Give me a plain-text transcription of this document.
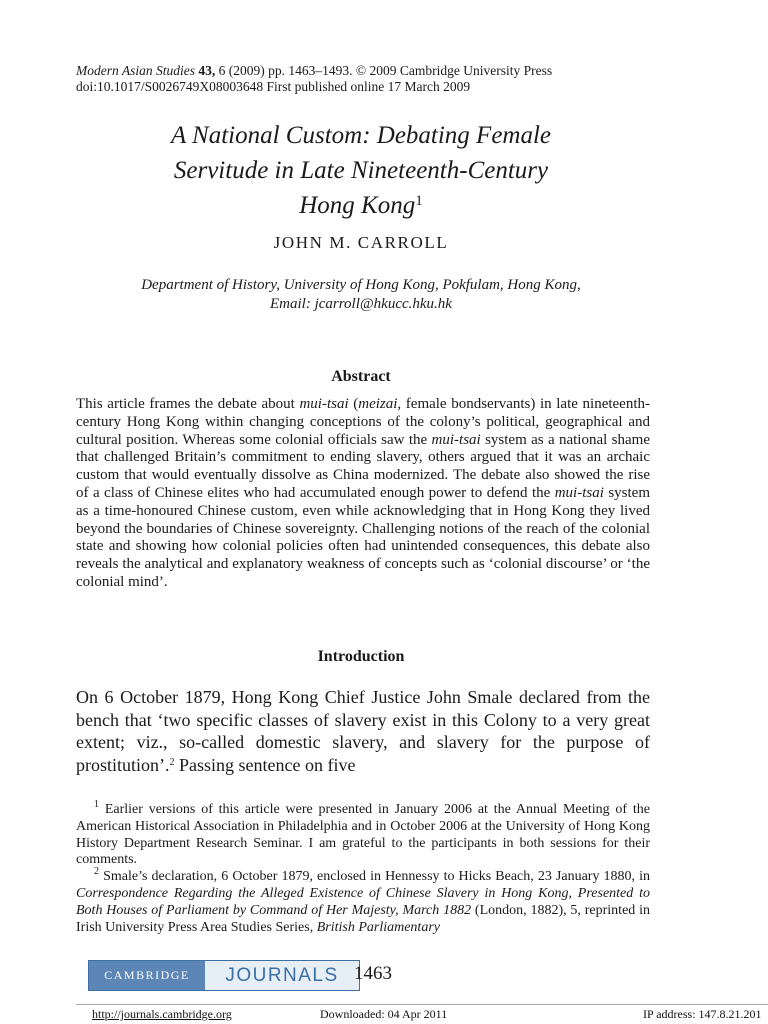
Modern Asian Studies 43, 6 (2009) pp. 1463–1493. © 2009 Cambridge University Press
doi:10.1017/S0026749X08003648 First published online 17 March 2009
A National Custom: Debating Female
Servitude in Late Nineteenth-Century
Hong Kong$^1$
JOHN M. CARROLL
Department of History, University of Hong Kong, Pokfulam, Hong Kong,
Email: jcarroll@hkucc.hku.hk
Abstract
This article frames the debate about mui-tsai (meizai, female bondservants) in late nineteenth-century Hong Kong within changing conceptions of the colony’s political, geographical and cultural position. Whereas some colonial officials saw the mui-tsai system as a national shame that challenged Britain’s commitment to ending slavery, others argued that it was an archaic custom that would eventually dissolve as China modernized. The debate also showed the rise of a class of Chinese elites who had accumulated enough power to defend the mui-tsai system as a time-honoured Chinese custom, even while acknowledging that in Hong Kong they lived beyond the boundaries of Chinese sovereignty. Challenging notions of the reach of the colonial state and showing how colonial policies often had unintended consequences, this debate also reveals the analytical and explanatory weakness of concepts such as ‘colonial discourse’ or ‘the colonial mind’.
Introduction
On 6 October 1879, Hong Kong Chief Justice John Smale declared from the bench that ‘two specific classes of slavery exist in this Colony to a very great extent; viz., so-called domestic slavery, and slavery for the purpose of prostitution’.$^2$ Passing sentence on five

$^1$ Earlier versions of this article were presented in January 2006 at the Annual Meeting of the American Historical Association in Philadelphia and in October 2006 at the University of Hong Kong History Department Research Seminar. I am grateful to the participants in both sessions for their comments.

$^2$ Smale’s declaration, 6 October 1879, enclosed in Hennessy to Hicks Beach, 23 January 1880, in Correspondence Regarding the Alleged Existence of Chinese Slavery in Hong Kong, Presented to Both Houses of Parliament by Command of Her Majesty, March 1882 (London, 1882), 5, reprinted in Irish University Press Area Studies Series, British Parliamentary

CAMBRIDGE	JOURNALS 1463
http://journals.cambridge.org	Downloaded: 04 Apr 2011	IP address: 147.8.21.201
